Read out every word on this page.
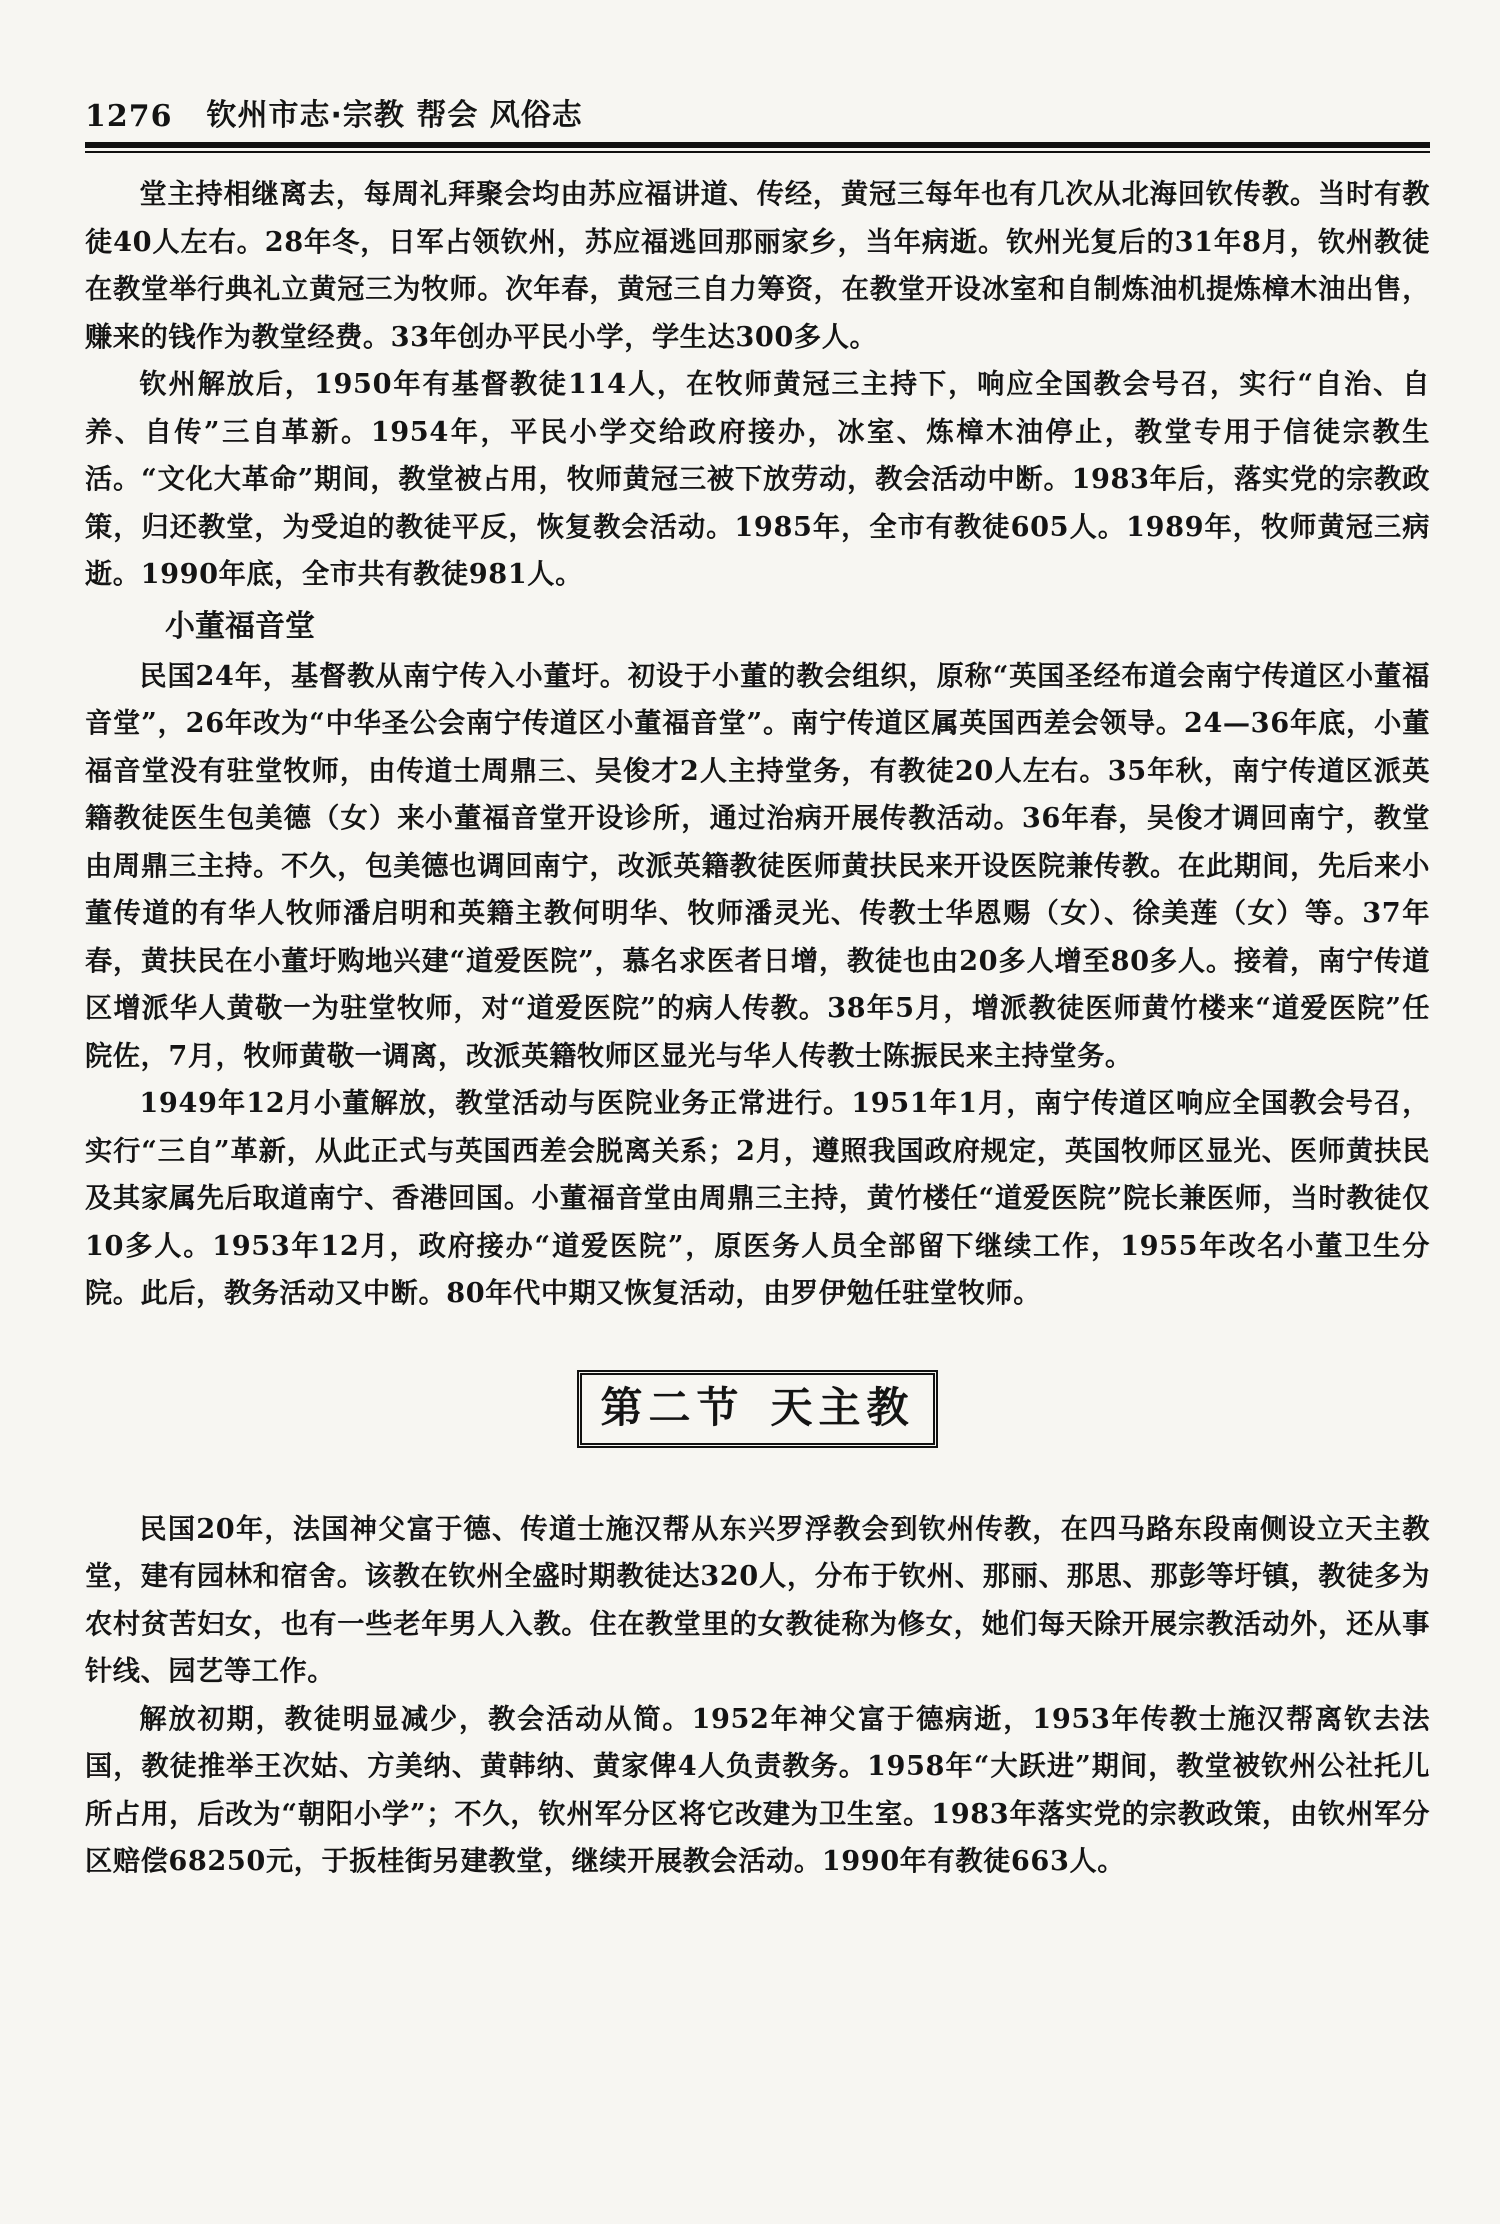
1276 钦州市志·宗教 帮会 风俗志

堂主持相继离去，每周礼拜聚会均由苏应福讲道、传经，黄冠三每年也有几次从北海回钦传教。当时有教徒40人左右。28年冬，日军占领钦州，苏应福逃回那丽家乡，当年病逝。钦州光复后的31年8月，钦州教徒在教堂举行典礼立黄冠三为牧师。次年春，黄冠三自力筹资，在教堂开设冰室和自制炼油机提炼樟木油出售，赚来的钱作为教堂经费。33年创办平民小学，学生达300多人。

钦州解放后，1950年有基督教徒114人，在牧师黄冠三主持下，响应全国教会号召，实行“自治、自养、自传”三自革新。1954年，平民小学交给政府接办，冰室、炼樟木油停止，教堂专用于信徒宗教生活。“文化大革命”期间，教堂被占用，牧师黄冠三被下放劳动，教会活动中断。1983年后，落实党的宗教政策，归还教堂，为受迫的教徒平反，恢复教会活动。1985年，全市有教徒605人。1989年，牧师黄冠三病逝。1990年底，全市共有教徒981人。

小董福音堂

民国24年，基督教从南宁传入小董圩。初设于小董的教会组织，原称“英国圣经布道会南宁传道区小董福音堂”，26年改为“中华圣公会南宁传道区小董福音堂”。南宁传道区属英国西差会领导。24—36年底，小董福音堂没有驻堂牧师，由传道士周鼎三、吴俊才2人主持堂务，有教徒20人左右。35年秋，南宁传道区派英籍教徒医生包美德（女）来小董福音堂开设诊所，通过治病开展传教活动。36年春，吴俊才调回南宁，教堂由周鼎三主持。不久，包美德也调回南宁，改派英籍教徒医师黄扶民来开设医院兼传教。在此期间，先后来小董传道的有华人牧师潘启明和英籍主教何明华、牧师潘灵光、传教士华恩赐（女）、徐美莲（女）等。37年春，黄扶民在小董圩购地兴建“道爱医院”，慕名求医者日增，教徒也由20多人增至80多人。接着，南宁传道区增派华人黄敬一为驻堂牧师，对“道爱医院”的病人传教。38年5月，增派教徒医师黄竹楼来“道爱医院”任院佐，7月，牧师黄敬一调离，改派英籍牧师区显光与华人传教士陈振民来主持堂务。

1949年12月小董解放，教堂活动与医院业务正常进行。1951年1月，南宁传道区响应全国教会号召，实行“三自”革新，从此正式与英国西差会脱离关系；2月，遵照我国政府规定，英国牧师区显光、医师黄扶民及其家属先后取道南宁、香港回国。小董福音堂由周鼎三主持，黄竹楼任“道爱医院”院长兼医师，当时教徒仅10多人。1953年12月，政府接办“道爱医院”，原医务人员全部留下继续工作，1955年改名小董卫生分院。此后，教务活动又中断。80年代中期又恢复活动，由罗伊勉任驻堂牧师。

第二节 天主教

民国20年，法国神父富于德、传道士施汉帮从东兴罗浮教会到钦州传教，在四马路东段南侧设立天主教堂，建有园林和宿舍。该教在钦州全盛时期教徒达320人，分布于钦州、那丽、那思、那彭等圩镇，教徒多为农村贫苦妇女，也有一些老年男人入教。住在教堂里的女教徒称为修女，她们每天除开展宗教活动外，还从事针线、园艺等工作。

解放初期，教徒明显减少，教会活动从简。1952年神父富于德病逝，1953年传教士施汉帮离钦去法国，教徒推举王次姑、方美纳、黄韩纳、黄家俾4人负责教务。1958年“大跃进”期间，教堂被钦州公社托儿所占用，后改为“朝阳小学”；不久，钦州军分区将它改建为卫生室。1983年落实党的宗教政策，由钦州军分区赔偿68250元，于扳桂街另建教堂，继续开展教会活动。1990年有教徒663人。
